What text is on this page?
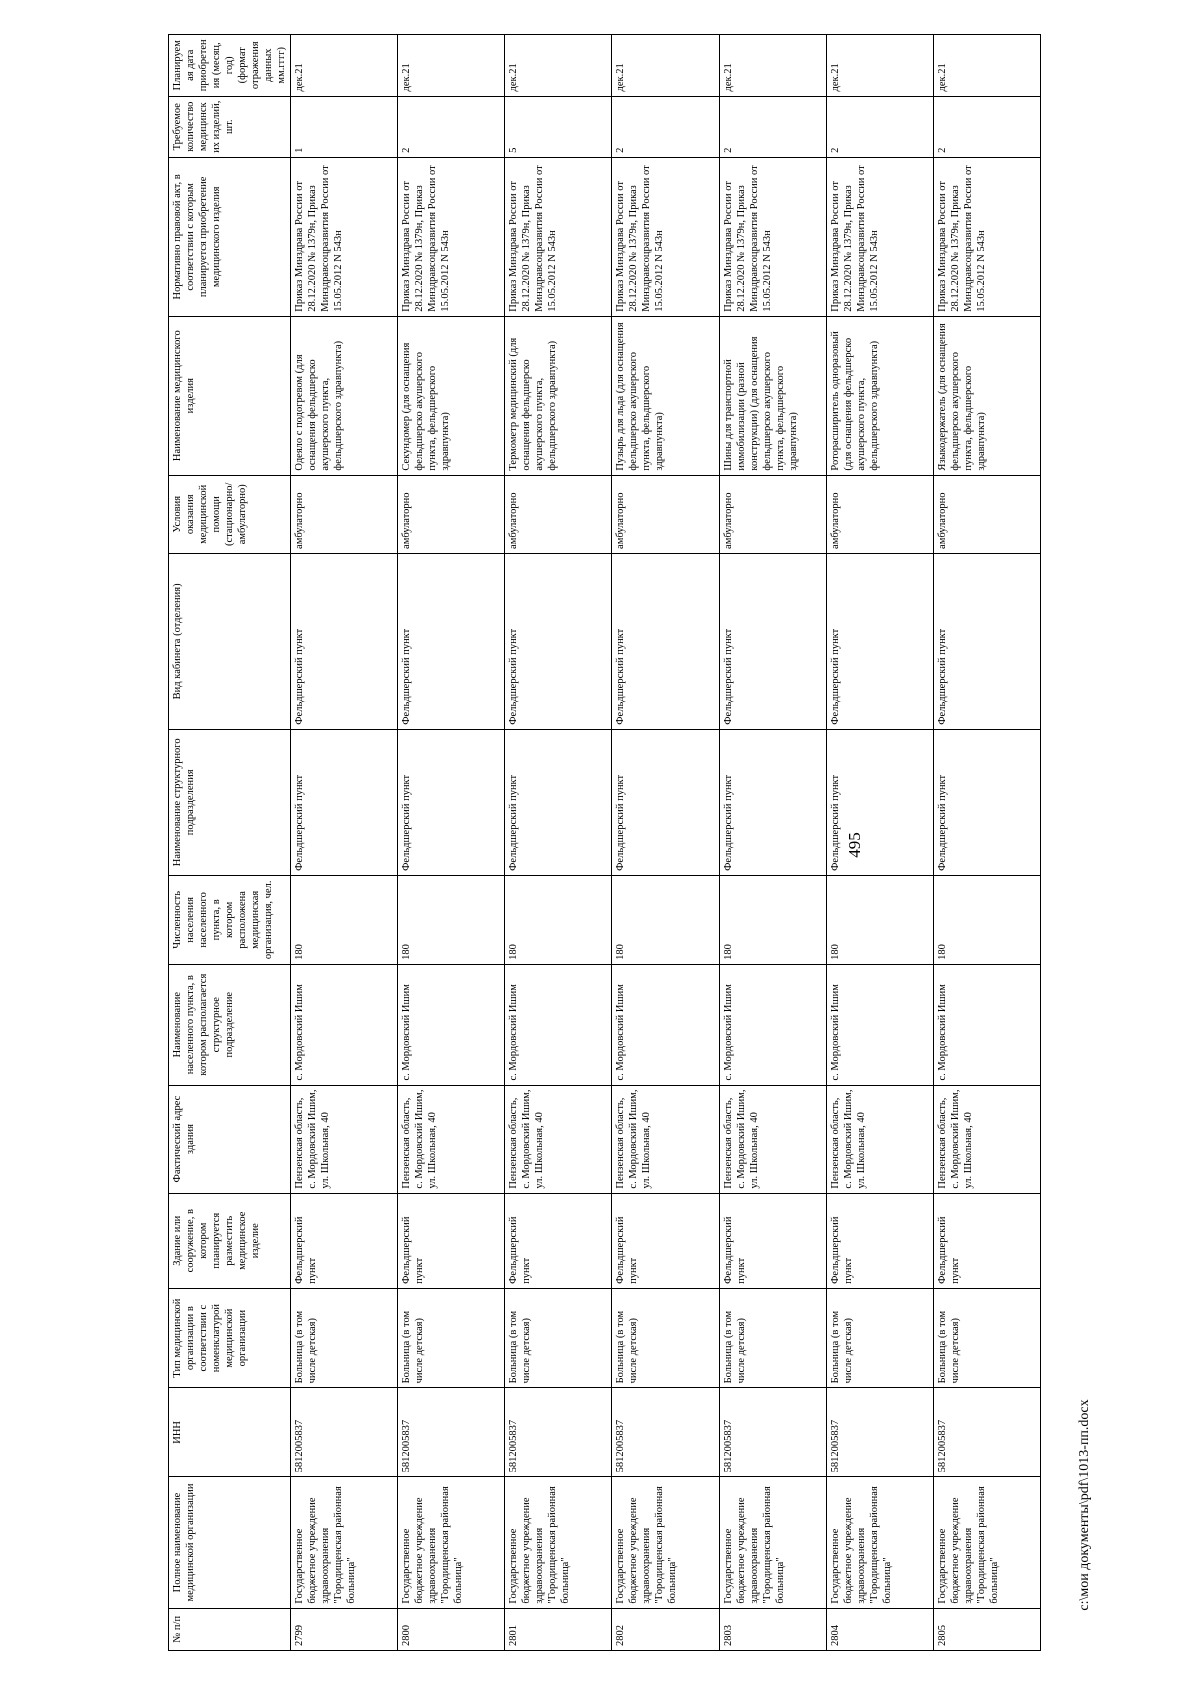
495
№ п/п	Полное наименование медицинской организации	ИНН	Тип медицинской организации в соответствии с номенклатурой медицинской организации	Здание или сооружение, в котором планируется разместить медицинское изделие	Фактический адрес здания	Наименование населенного пункта, в котором располагается структурное подразделение	Численность населения населенного пункта, в котором расположена медицинская организация, чел.	Наименование структурного подразделения	Вид кабинета (отделения)	Условия оказания медицинской помощи (стационарно/ амбулаторно)	Наименование медицинского изделия	Нормативно правовой акт, в соответствии с которым планируется приобретение медицинского изделия	Требуемое количество медицинских изделий, шт.	Планируемая дата приобретения (месяц, год) (формат отражения данных мм.гггг)
2799	Государственное бюджетное учреждение здравоохранения "Городищенская районная больница"	5812005837	Больница (в том числе детская)	Фельдшерский пункт	Пензенская область, с. Мордовский Ишим, ул. Школьная, 40	с. Мордовский Ишим	180	Фельдшерский пункт	Фельдшерский пункт	амбулаторно	Одеяло с подогревом (для оснащения фельдшерско акушерского пункта, фельдшерского здравпункта)	Приказ Минздрава России от 28.12.2020 № 1379н, Приказ Минздравсоцразвития России от 15.05.2012 N 543н	1	дек.21
2800	Государственное бюджетное учреждение здравоохранения "Городищенская районная больница"	5812005837	Больница (в том числе детская)	Фельдшерский пункт	Пензенская область, с. Мордовский Ишим, ул. Школьная, 40	с. Мордовский Ишим	180	Фельдшерский пункт	Фельдшерский пункт	амбулаторно	Секундомер (для оснащения фельдшерско акушерского пункта, фельдшерского здравпункта)	Приказ Минздрава России от 28.12.2020 № 1379н, Приказ Минздравсоцразвития России от 15.05.2012 N 543н	2	дек.21
2801	Государственное бюджетное учреждение здравоохранения "Городищенская районная больница"	5812005837	Больница (в том числе детская)	Фельдшерский пункт	Пензенская область, с. Мордовский Ишим, ул. Школьная, 40	с. Мордовский Ишим	180	Фельдшерский пункт	Фельдшерский пункт	амбулаторно	Термометр медицинский (для оснащения фельдшерско акушерского пункта, фельдшерского здравпункта)	Приказ Минздрава России от 28.12.2020 № 1379н, Приказ Минздравсоцразвития России от 15.05.2012 N 543н	5	дек.21
2802	Государственное бюджетное учреждение здравоохранения "Городищенская районная больница"	5812005837	Больница (в том числе детская)	Фельдшерский пункт	Пензенская область, с. Мордовский Ишим, ул. Школьная, 40	с. Мордовский Ишим	180	Фельдшерский пункт	Фельдшерский пункт	амбулаторно	Пузырь для льда (для оснащения фельдшерско акушерского пункта, фельдшерского здравпункта)	Приказ Минздрава России от 28.12.2020 № 1379н, Приказ Минздравсоцразвития России от 15.05.2012 N 543н	2	дек.21
2803	Государственное бюджетное учреждение здравоохранения "Городищенская районная больница"	5812005837	Больница (в том числе детская)	Фельдшерский пункт	Пензенская область, с. Мордовский Ишим, ул. Школьная, 40	с. Мордовский Ишим	180	Фельдшерский пункт	Фельдшерский пункт	амбулаторно	Шины для транспортной иммобилизации (разной конструкции) (для оснащения фельдшерско акушерского пункта, фельдшерского здравпункта)	Приказ Минздрава России от 28.12.2020 № 1379н, Приказ Минздравсоцразвития России от 15.05.2012 N 543н	2	дек.21
2804	Государственное бюджетное учреждение здравоохранения "Городищенская районная больница"	5812005837	Больница (в том числе детская)	Фельдшерский пункт	Пензенская область, с. Мордовский Ишим, ул. Школьная, 40	с. Мордовский Ишим	180	Фельдшерский пункт	Фельдшерский пункт	амбулаторно	Роторасширитель одноразовый (для оснащения фельдшерско акушерского пункта, фельдшерского здравпункта)	Приказ Минздрава России от 28.12.2020 № 1379н, Приказ Минздравсоцразвития России от 15.05.2012 N 543н	2	дек.21
2805	Государственное бюджетное учреждение здравоохранения "Городищенская районная больница"	5812005837	Больница (в том числе детская)	Фельдшерский пункт	Пензенская область, с. Мордовский Ишим, ул. Школьная, 40	с. Мордовский Ишим	180	Фельдшерский пункт	Фельдшерский пункт	амбулаторно	Языкодержатель (для оснащения фельдшерско акушерского пункта, фельдшерского здравпункта)	Приказ Минздрава России от 28.12.2020 № 1379н, Приказ Минздравсоцразвития России от 15.05.2012 N 543н	2	дек.21
c:\мои документы\pdf\1013-пп.docx
